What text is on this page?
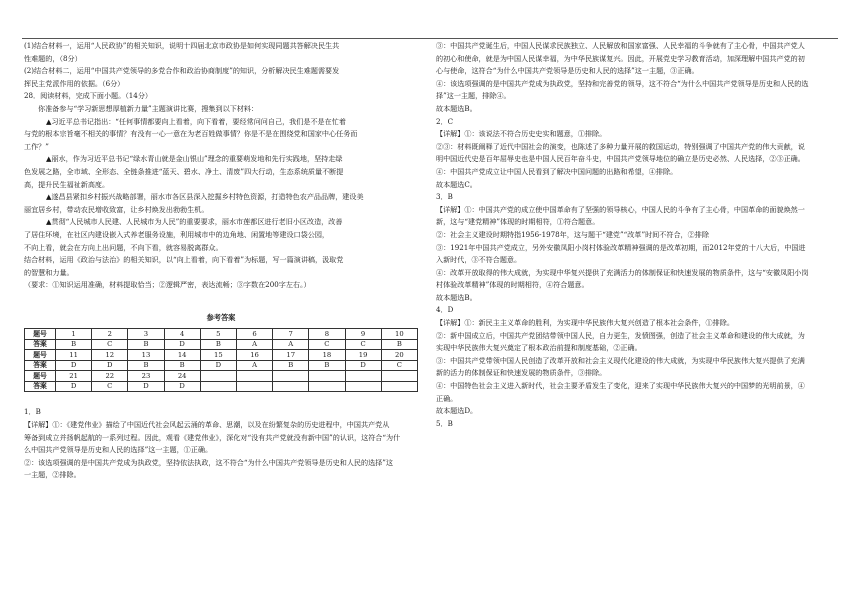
(1)结合材料一，运用“人民政协”的相关知识，说明十四届北京市政协是如何实现同题共答解决民生共

性难题的，（8分）

(2)结合材料二，运用“中国共产党领导的多党合作和政治协商制度”的知识，分析解决民生难题需要发

挥民主党派作用的依据。（6分）

28．阅读材料，完成下面小题。（14分）

你准备参与“学习新思想厚植新力量”主题演讲比赛，搜集到以下材料：

▲习近平总书记指出：“任何事情都要向上看着，向下看着，要经常问问自己，我们是不是在忙着

与党的根本宗旨毫不相关的事情？有没有一心一意在为老百姓做事情？你是不是在围绕党和国家中心任务而

工作？”

▲丽水，作为习近平总书记“绿水青山就是金山银山”理念的重要萌发地和先行实践地，坚持走绿

色发展之路，全市域、全形态、全链条推进“蓝天、碧水、净土、清废”四大行动，生态系统质量不断提

高，提升民生福祉新高度。

▲遂昌县紧扣乡村振兴战略部署，丽水市各区县深入挖掘乡村特色资源，打造特色农产品品牌，建设美

丽宜居乡村，带动农民增收致富，让乡村焕发出勃勃生机。

▲贯彻“人民城市人民建、人民城市为人民”的重要要求，丽水市莲都区进行老旧小区改造，改善

了居住环境，在社区内建设嵌入式养老服务设施，利用城市中的边角地、闲置地等建设口袋公园，

不向上看，就会在方向上出问题，不向下看，就容易脱离群众。

结合材料，运用《政治与法治》的相关知识，以“向上看着，向下看着”为标题，写一篇演讲稿，汲取党

的智慧和力量。

（要求：①知识运用准确，材料提取恰当；②逻辑严密，表达流畅；③字数在200字左右。）

参考答案
题号	1	2	3	4	5	6	7	8	9	10
答案	B	C	B	D	B	A	A	C	C	B
题号	11	12	13	14	15	16	17	18	19	20
答案	D	D	B	B	D	A	B	B	D	C
题号	21	22	23	24						
答案	D	C	D	D						

1．B

【详解】①：《建党伟业》描绘了中国近代社会风起云涌的革命、思潮，以及在纷繁复杂的历史进程中，中国共产党从

筹备到成立并扬帆起航的一系列过程。因此，观看《建党伟业》，深化对“没有共产党就没有新中国”的认识，这符合“为什

么中国共产党领导是历史和人民的选择”这一主题，①正确。

②：该选项强调的是中国共产党成为执政党，坚持依法执政，这不符合“为什么中国共产党领导是历史和人民的选择”这

一主题，②排除。

③：中国共产党诞生后，中国人民谋求民族独立、人民解放和国家富强、人民幸福的斗争就有了主心骨，中国共产党人

的初心和使命，就是为中国人民谋幸福，为中华民族谋复兴。因此，开展党史学习教育活动，加深理解中国共产党的初

心与使命，这符合“为什么中国共产党领导是历史和人民的选择”这一主题，③正确。

④：该选项强调的是中国共产党成为执政党，坚持和完善党的领导，这不符合“为什么中国共产党领导是历史和人民的选

择”这一主题，排除④。

故本题选B。

2．C

【详解】①：该说法不符合历史史实和题意，①排除。

②③：材料既阐释了近代中国社会的演变，也陈述了多种力量开展的救国运动，特别强调了中国共产党的伟大贡献，说

明中国近代史是百年屈辱史也是中国人民百年奋斗史，中国共产党领导地位的确立是历史必然、人民选择，②③正确。

④：中国共产党成立让中国人民看到了解决中国问题的出路和希望，④排除。

故本题选C。

3．B

【详解】①：中国共产党的成立使中国革命有了坚强的领导核心，中国人民的斗争有了主心骨，中国革命的面貌焕然一

新，这与“建党精神”体现的时期相符，①符合题意。

②：社会主义建设时期特指1956-1978年，这与题干“建党”“改革”时间不符合，②排除

③：1921年中国共产党成立，另外安徽凤阳小岗村体验改革精神强调的是改革初期，而2012年党的十八大后，中国进

入新时代，③不符合题意。

④：改革开放取得的伟大成就，为实现中华复兴提供了充满活力的体制保证和快速发展的物质条件，这与“安徽凤阳小岗

村体验改革精神”体现的时期相符，④符合题意。

故本题选B。

4．D

【详解】①：新民主主义革命的胜利，为实现中华民族伟大复兴创造了根本社会条件，①排除。

②：新中国成立后，中国共产党团结带领中国人民，自力更生，发愤图强，创造了社会主义革命和建设的伟大成就，为

实现中华民族伟大复兴奠定了根本政治前提和制度基础，②正确。

③：中国共产党带领中国人民创造了改革开放和社会主义现代化建设的伟大成就，为实现中华民族伟大复兴提供了充满

新的活力的体制保证和快速发展的物质条件，③排除。

④：中国特色社会主义进入新时代，社会主要矛盾发生了变化，迎来了实现中华民族伟大复兴的中国梦的光明前景，④

正确。

故本题选D。

5．B
